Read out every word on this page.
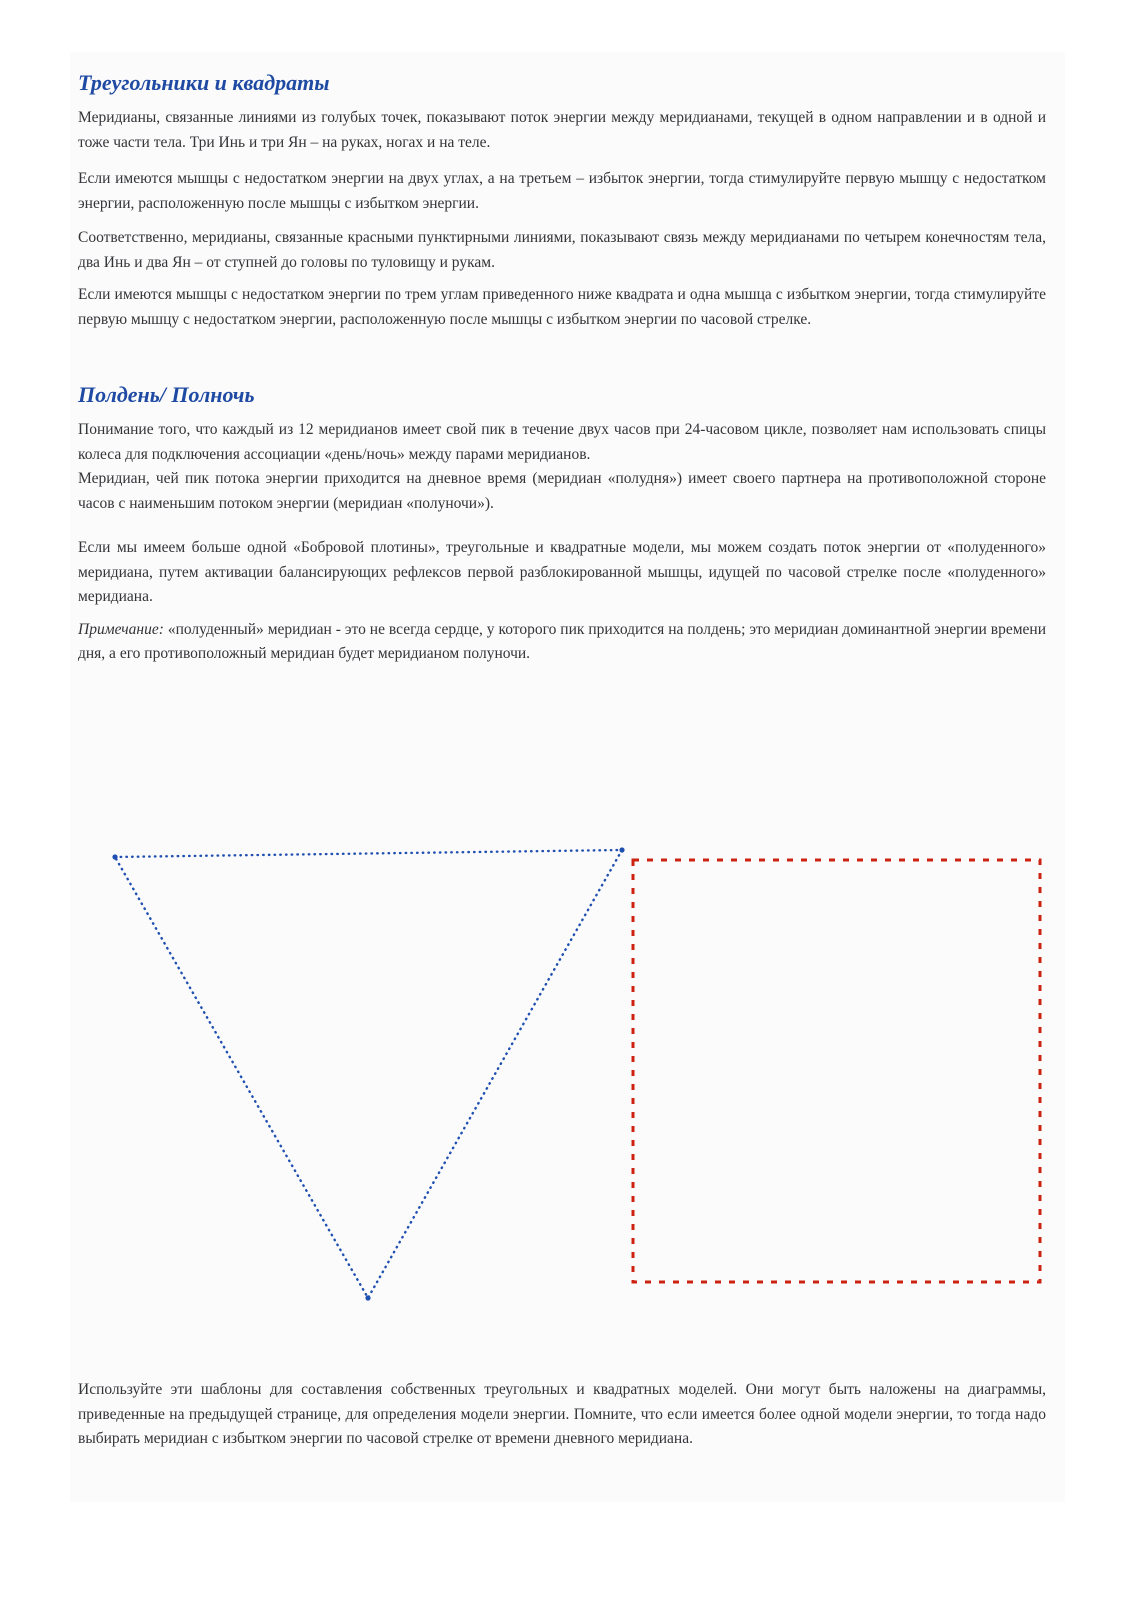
Треугольники и квадраты

Меридианы, связанные линиями из голубых точек, показывают поток энергии между меридианами, текущей в одном направлении и в одной и тоже части тела. Три Инь и три Ян – на руках, ногах и на теле.

Если имеются мышцы с недостатком энергии на двух углах, а на третьем – избыток энергии, тогда стимулируйте первую мышцу с недостатком энергии, расположенную после мышцы с избытком энергии.

Соответственно, меридианы, связанные красными пунктирными линиями, показывают связь между меридианами по четырем конечностям тела, два Инь и два Ян – от ступней до головы по туловищу и рукам.

Если имеются мышцы с недостатком энергии по трем углам приведенного ниже квадрата и одна мышца с избытком энергии, тогда стимулируйте первую мышцу с недостатком энергии, расположенную после мышцы с избытком энергии по часовой стрелке.

Полдень/ Полночь

Понимание того, что каждый из 12 меридианов имеет свой пик в течение двух часов при 24-часовом цикле, позволяет нам использовать спицы колеса для подключения ассоциации «день/ночь» между парами меридианов.

Меридиан, чей пик потока энергии приходится на дневное время (меридиан «полудня») имеет своего партнера на противоположной стороне часов с наименьшим потоком энергии (меридиан «полуночи»).

Если мы имеем больше одной «Бобровой плотины», треугольные и квадратные модели, мы можем создать поток энергии от «полуденного» меридиана, путем активации балансирующих рефлексов первой разблокированной мышцы, идущей по часовой стрелке после «полуденного» меридиана.

Примечание: «полуденный» меридиан - это не всегда сердце, у которого пик приходится на полдень; это меридиан доминантной энергии времени дня, а его противоположный меридиан будет меридианом полуночи.

Используйте эти шаблоны для составления собственных треугольных и квадратных моделей. Они могут быть наложены на диаграммы, приведенные на предыдущей странице, для определения модели энергии. Помните, что если имеется более одной модели энергии, то тогда надо выбирать меридиан с избытком энергии по часовой стрелке от времени дневного меридиана.
